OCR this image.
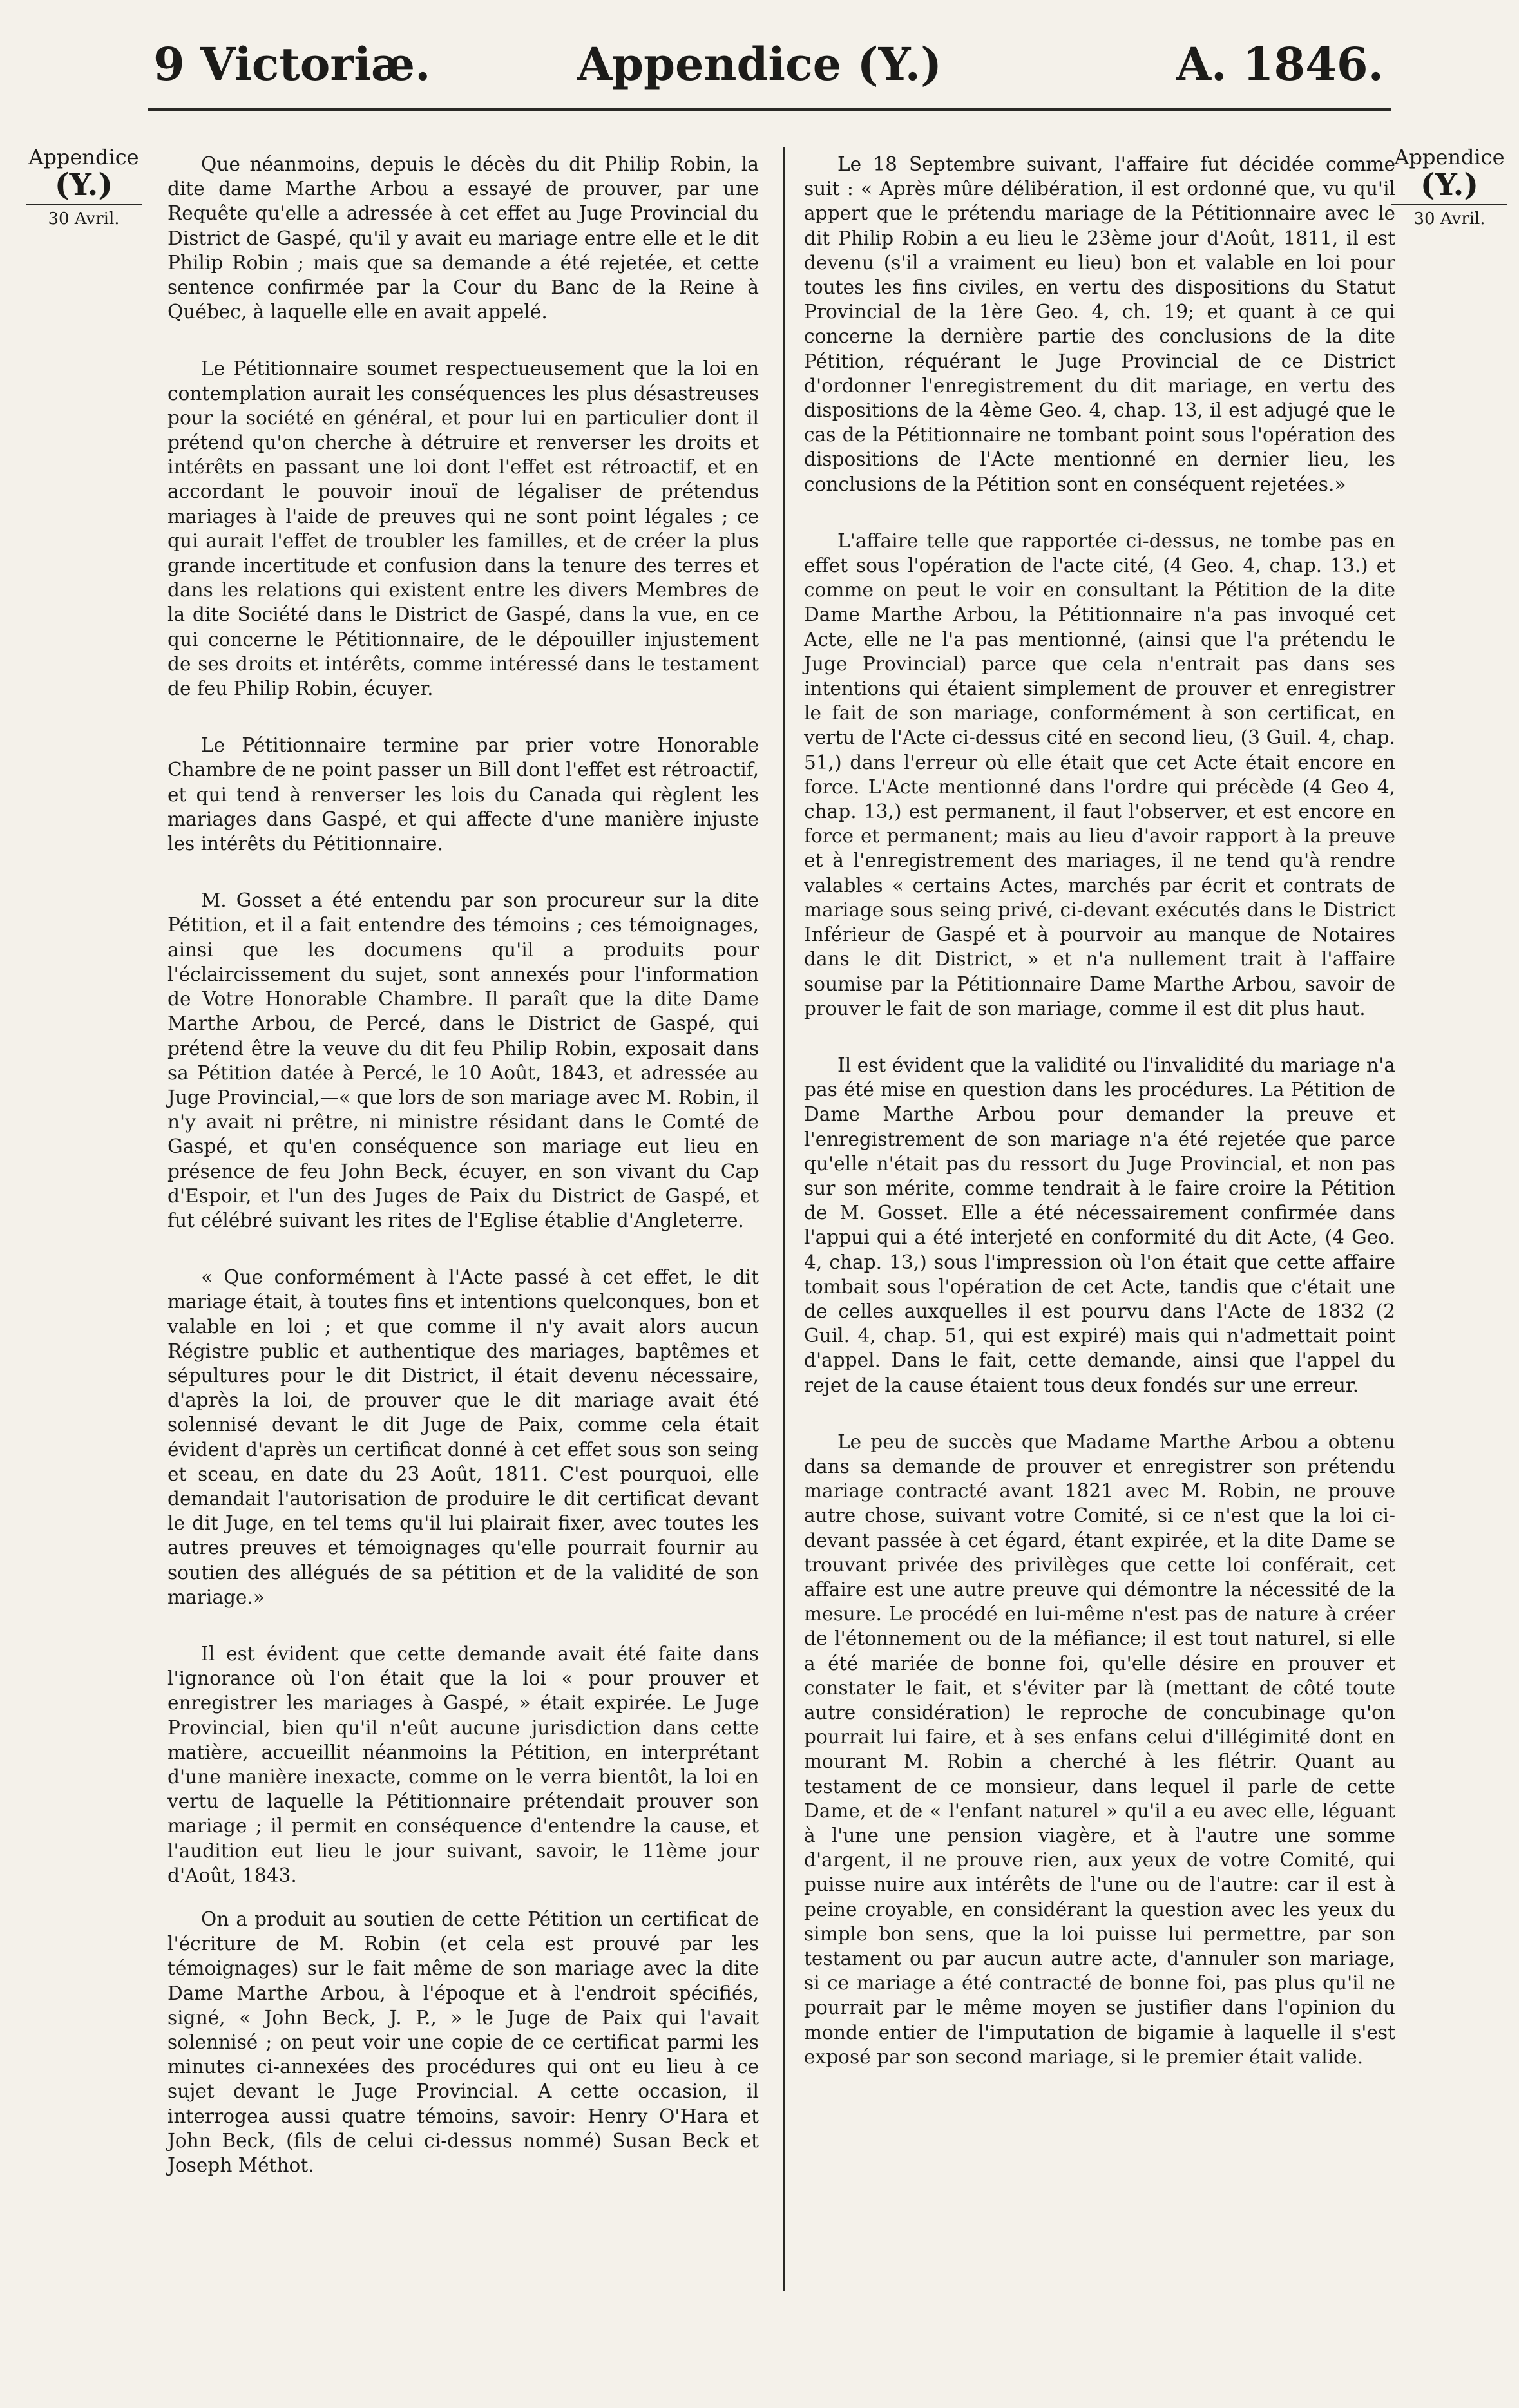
9 Victoriæ.	Appendice (Y.)	A. 1846.
Appendice
(Y.)
30 Avril.
Appendice
(Y.)
30 Avril.

Que néanmoins, depuis le décès du dit Philip Robin, la dite dame Marthe Arbou a essayé de prouver, par une Requête qu'elle a adressée à cet effet au Juge Provincial du District de Gaspé, qu'il y avait eu mariage entre elle et le dit Philip Robin ; mais que sa demande a été rejetée, et cette sentence confirmée par la Cour du Banc de la Reine à Québec, à laquelle elle en avait appelé.

Le Pétitionnaire soumet respectueusement que la loi en contemplation aurait les conséquences les plus désastreuses pour la société en général, et pour lui en particulier dont il prétend qu'on cherche à détruire et renverser les droits et intérêts en passant une loi dont l'effet est rétroactif, et en accordant le pouvoir inouï de légaliser de prétendus mariages à l'aide de preuves qui ne sont point légales ; ce qui aurait l'effet de troubler les familles, et de créer la plus grande incertitude et confusion dans la tenure des terres et dans les relations qui existent entre les divers Membres de la dite Société dans le District de Gaspé, dans la vue, en ce qui concerne le Pétitionnaire, de le dépouiller injustement de ses droits et intérêts, comme intéressé dans le testament de feu Philip Robin, écuyer.

Le Pétitionnaire termine par prier votre Honorable Chambre de ne point passer un Bill dont l'effet est rétroactif, et qui tend à renverser les lois du Canada qui règlent les mariages dans Gaspé, et qui affecte d'une manière injuste les intérêts du Pétitionnaire.

M. Gosset a été entendu par son procureur sur la dite Pétition, et il a fait entendre des témoins ; ces témoignages, ainsi que les documens qu'il a produits pour l'éclaircissement du sujet, sont annexés pour l'information de Votre Honorable Chambre. Il paraît que la dite Dame Marthe Arbou, de Percé, dans le District de Gaspé, qui prétend être la veuve du dit feu Philip Robin, exposait dans sa Pétition datée à Percé, le 10 Août, 1843, et adressée au Juge Provincial,—« que lors de son mariage avec M. Robin, il n'y avait ni prêtre, ni ministre résidant dans le Comté de Gaspé, et qu'en conséquence son mariage eut lieu en présence de feu John Beck, écuyer, en son vivant du Cap d'Espoir, et l'un des Juges de Paix du District de Gaspé, et fut célébré suivant les rites de l'Eglise établie d'Angleterre.

« Que conformément à l'Acte passé à cet effet, le dit mariage était, à toutes fins et intentions quelconques, bon et valable en loi ; et que comme il n'y avait alors aucun Régistre public et authentique des mariages, baptêmes et sépultures pour le dit District, il était devenu nécessaire, d'après la loi, de prouver que le dit mariage avait été solennisé devant le dit Juge de Paix, comme cela était évident d'après un certificat donné à cet effet sous son seing et sceau, en date du 23 Août, 1811. C'est pourquoi, elle demandait l'autorisation de produire le dit certificat devant le dit Juge, en tel tems qu'il lui plairait fixer, avec toutes les autres preuves et témoignages qu'elle pourrait fournir au soutien des allégués de sa pétition et de la validité de son mariage.»

Il est évident que cette demande avait été faite dans l'ignorance où l'on était que la loi « pour prouver et enregistrer les mariages à Gaspé, » était expirée. Le Juge Provincial, bien qu'il n'eût aucune jurisdiction dans cette matière, accueillit néanmoins la Pétition, en interprétant d'une manière inexacte, comme on le verra bientôt, la loi en vertu de laquelle la Pétitionnaire prétendait prouver son mariage ; il permit en conséquence d'entendre la cause, et l'audition eut lieu le jour suivant, savoir, le 11ème jour d'Août, 1843.

On a produit au soutien de cette Pétition un certificat de l'écriture de M. Robin (et cela est prouvé par les témoignages) sur le fait même de son mariage avec la dite Dame Marthe Arbou, à l'époque et à l'endroit spécifiés, signé, « John Beck, J. P., » le Juge de Paix qui l'avait solennisé ; on peut voir une copie de ce certificat parmi les minutes ci-annexées des procédures qui ont eu lieu à ce sujet devant le Juge Provincial. A cette occasion, il interrogea aussi quatre témoins, savoir: Henry O'Hara et John Beck, (fils de celui ci-dessus nommé) Susan Beck et Joseph Méthot.

Le 18 Septembre suivant, l'affaire fut décidée comme suit : « Après mûre délibération, il est ordonné que, vu qu'il appert que le prétendu mariage de la Pétitionnaire avec le dit Philip Robin a eu lieu le 23ème jour d'Août, 1811, il est devenu (s'il a vraiment eu lieu) bon et valable en loi pour toutes les fins civiles, en vertu des dispositions du Statut Provincial de la 1ère Geo. 4, ch. 19; et quant à ce qui concerne la dernière partie des conclusions de la dite Pétition, réquérant le Juge Provincial de ce District d'ordonner l'enregistrement du dit mariage, en vertu des dispositions de la 4ème Geo. 4, chap. 13, il est adjugé que le cas de la Pétitionnaire ne tombant point sous l'opération des dispositions de l'Acte mentionné en dernier lieu, les conclusions de la Pétition sont en conséquent rejetées.»

L'affaire telle que rapportée ci-dessus, ne tombe pas en effet sous l'opération de l'acte cité, (4 Geo. 4, chap. 13.) et comme on peut le voir en consultant la Pétition de la dite Dame Marthe Arbou, la Pétitionnaire n'a pas invoqué cet Acte, elle ne l'a pas mentionné, (ainsi que l'a prétendu le Juge Provincial) parce que cela n'entrait pas dans ses intentions qui étaient simplement de prouver et enregistrer le fait de son mariage, conformément à son certificat, en vertu de l'Acte ci-dessus cité en second lieu, (3 Guil. 4, chap. 51,) dans l'erreur où elle était que cet Acte était encore en force. L'Acte mentionné dans l'ordre qui précède (4 Geo 4, chap. 13,) est permanent, il faut l'observer, et est encore en force et permanent; mais au lieu d'avoir rapport à la preuve et à l'enregistrement des mariages, il ne tend qu'à rendre valables « certains Actes, marchés par écrit et contrats de mariage sous seing privé, ci-devant exécutés dans le District Inférieur de Gaspé et à pourvoir au manque de Notaires dans le dit District, » et n'a nullement trait à l'affaire soumise par la Pétitionnaire Dame Marthe Arbou, savoir de prouver le fait de son mariage, comme il est dit plus haut.

Il est évident que la validité ou l'invalidité du mariage n'a pas été mise en question dans les procédures. La Pétition de Dame Marthe Arbou pour demander la preuve et l'enregistrement de son mariage n'a été rejetée que parce qu'elle n'était pas du ressort du Juge Provincial, et non pas sur son mérite, comme tendrait à le faire croire la Pétition de M. Gosset. Elle a été nécessairement confirmée dans l'appui qui a été interjeté en conformité du dit Acte, (4 Geo. 4, chap. 13,) sous l'impression où l'on était que cette affaire tombait sous l'opération de cet Acte, tandis que c'était une de celles auxquelles il est pourvu dans l'Acte de 1832 (2 Guil. 4, chap. 51, qui est expiré) mais qui n'admettait point d'appel. Dans le fait, cette demande, ainsi que l'appel du rejet de la cause étaient tous deux fondés sur une erreur.

Le peu de succès que Madame Marthe Arbou a obtenu dans sa demande de prouver et enregistrer son prétendu mariage contracté avant 1821 avec M. Robin, ne prouve autre chose, suivant votre Comité, si ce n'est que la loi ci-devant passée à cet égard, étant expirée, et la dite Dame se trouvant privée des privilèges que cette loi conférait, cet affaire est une autre preuve qui démontre la nécessité de la mesure. Le procédé en lui-même n'est pas de nature à créer de l'étonnement ou de la méfiance; il est tout naturel, si elle a été mariée de bonne foi, qu'elle désire en prouver et constater le fait, et s'éviter par là (mettant de côté toute autre considération) le reproche de concubinage qu'on pourrait lui faire, et à ses enfans celui d'illégimité dont en mourant M. Robin a cherché à les flétrir. Quant au testament de ce monsieur, dans lequel il parle de cette Dame, et de « l'enfant naturel » qu'il a eu avec elle, léguant à l'une une pension viagère, et à l'autre une somme d'argent, il ne prouve rien, aux yeux de votre Comité, qui puisse nuire aux intérêts de l'une ou de l'autre: car il est à peine croyable, en considérant la question avec les yeux du simple bon sens, que la loi puisse lui permettre, par son testament ou par aucun autre acte, d'annuler son mariage, si ce mariage a été contracté de bonne foi, pas plus qu'il ne pourrait par le même moyen se justifier dans l'opinion du monde entier de l'imputation de bigamie à laquelle il s'est exposé par son second mariage, si le premier était valide.
